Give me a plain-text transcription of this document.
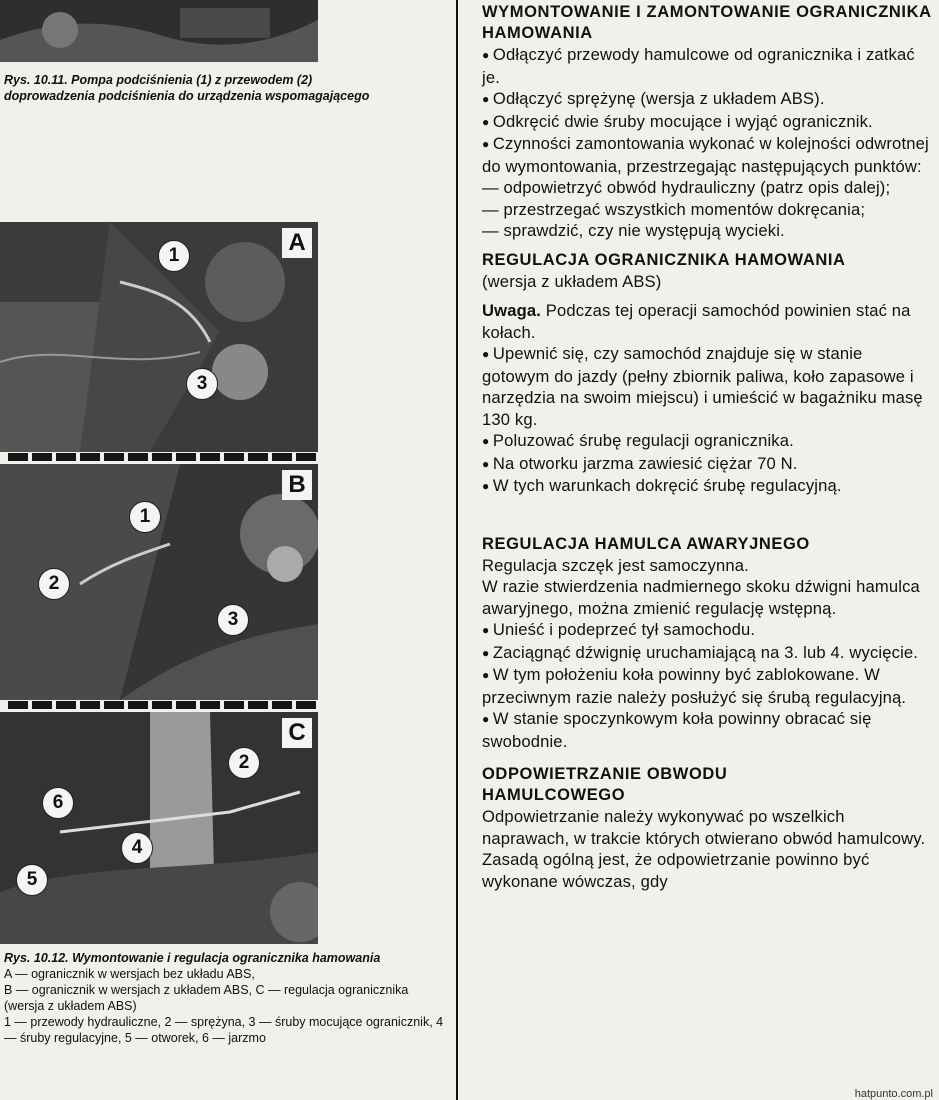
Rys. 10.11. Pompa podciśnienia (1) z przewodem (2) doprowadzenia podciśnienia do urządzenia wspomagającego
A
1
3
B
1
2
3
C
2
6
4
5
Rys. 10.12. Wymontowanie i regulacja ogranicznika hamowania
A — ogranicznik w wersjach bez układu ABS,
B — ogranicznik w wersjach z układem ABS, C — regulacja ogranicznika (wersja z układem ABS)
1 — przewody hydrauliczne, 2 — sprężyna, 3 — śruby mocujące ogranicznik, 4 — śruby regulacyjne, 5 — otworek, 6 — jarzmo
WYMONTOWANIE I ZAMONTOWANIE OGRANICZNIKA HAMOWANIA

● Odłączyć przewody hamulcowe od ogranicznika i zatkać je.

● Odłączyć sprężynę (wersja z układem ABS).

● Odkręcić dwie śruby mocujące i wyjąć ogranicznik.

● Czynności zamontowania wykonać w kolejności odwrotnej do wymontowania, przestrzegając następujących punktów:

— odpowietrzyć obwód hydrauliczny (patrz opis dalej);

— przestrzegać wszystkich momentów dokręcania;

— sprawdzić, czy nie występują wycieki.

REGULACJA OGRANICZNIKA HAMOWANIA

(wersja z układem ABS)

Uwaga. Podczas tej operacji samochód powinien stać na kołach.

● Upewnić się, czy samochód znajduje się w stanie gotowym do jazdy (pełny zbiornik paliwa, koło zapasowe i narzędzia na swoim miejscu) i umieścić w bagażniku masę 130 kg.

● Poluzować śrubę regulacji ogranicznika.

● Na otworku jarzma zawiesić ciężar 70 N.

● W tych warunkach dokręcić śrubę regulacyjną.

REGULACJA HAMULCA AWARYJNEGO

Regulacja szczęk jest samoczynna.

W razie stwierdzenia nadmiernego skoku dźwigni hamulca awaryjnego, można zmienić regulację wstępną.

● Unieść i podeprzeć tył samochodu.

● Zaciągnąć dźwignię uruchamiającą na 3. lub 4. wycięcie.

● W tym położeniu koła powinny być zablokowane. W przeciwnym razie należy posłużyć się śrubą regulacyjną.

● W stanie spoczynkowym koła powinny obracać się swobodnie.

ODPOWIETRZANIE OBWODU HAMULCOWEGO

Odpowietrzanie należy wykonywać po wszelkich naprawach, w trakcie których otwierano obwód hamulcowy. Zasadą ogólną jest, że odpowietrzanie powinno być wykonane wówczas, gdy

hatpunto.com.pl
